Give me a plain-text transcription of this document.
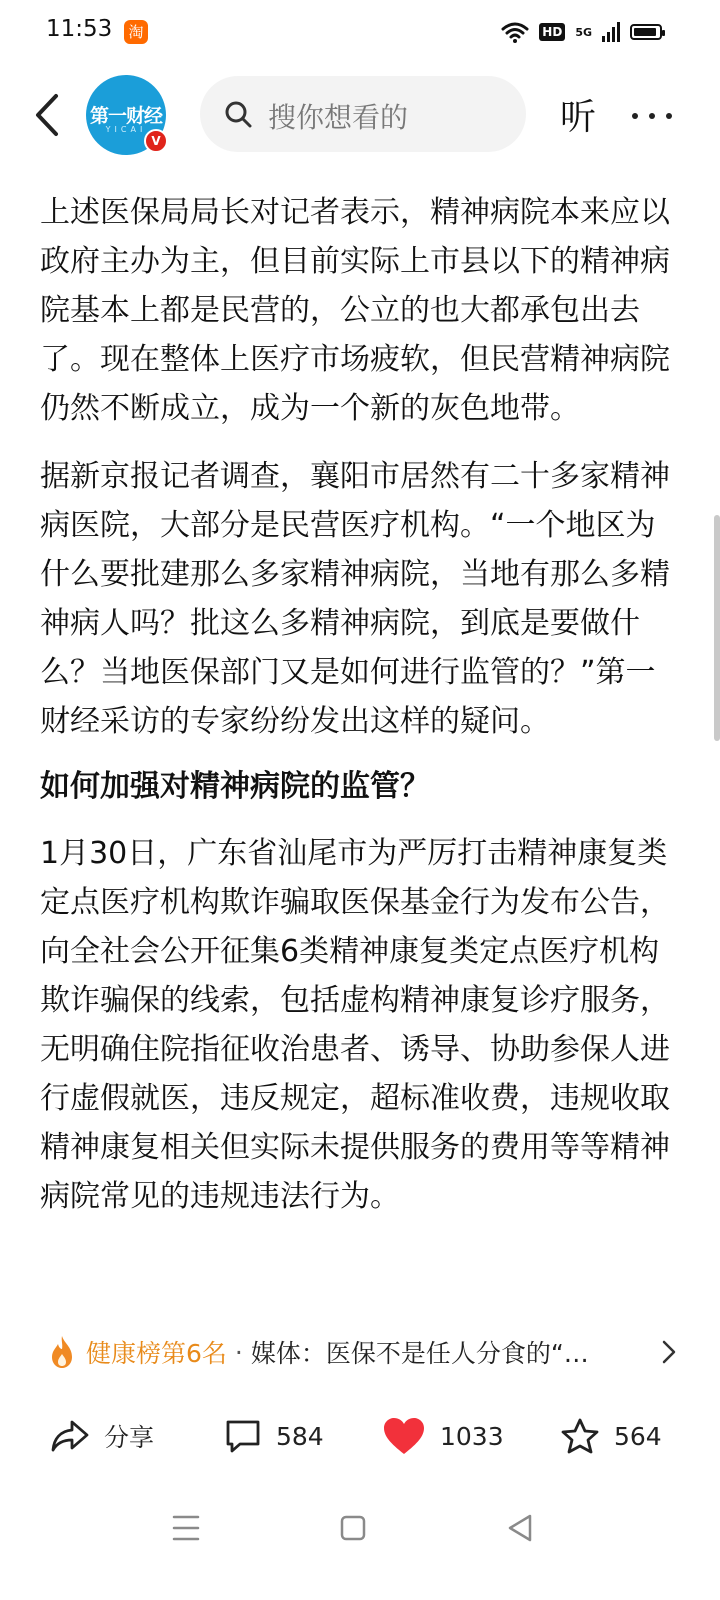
11:53 淘	HD 5G
第一财经
YICAI
V
搜你想看的	听

上述医保局局长对记者表示，精神病院本来应以政府主办为主，但目前实际上市县以下的精神病院基本上都是民营的，公立的也大都承包出去了。现在整体上医疗市场疲软，但民营精神病院仍然不断成立，成为一个新的灰色地带。

据新京报记者调查，襄阳市居然有二十多家精神病医院，大部分是民营医疗机构。“一个地区为什么要批建那么多家精神病院，当地有那么多精神病人吗？批这么多精神病院，到底是要做什么？当地医保部门又是如何进行监管的？”第一财经采访的专家纷纷发出这样的疑问。

如何加强对精神病院的监管？

1月30日，广东省汕尾市为严厉打击精神康复类定点医疗机构欺诈骗取医保基金行为发布公告，向全社会公开征集6类精神康复类定点医疗机构欺诈骗保的线索，包括虚构精神康复诊疗服务，无明确住院指征收治患者、诱导、协助参保人进行虚假就医，违反规定，超标准收费，违规收取精神康复相关但实际未提供服务的费用等等精神病院常见的违规违法行为。

健康榜第6名 · 媒体：医保不是任人分食的“…
分享	584	1033	564
